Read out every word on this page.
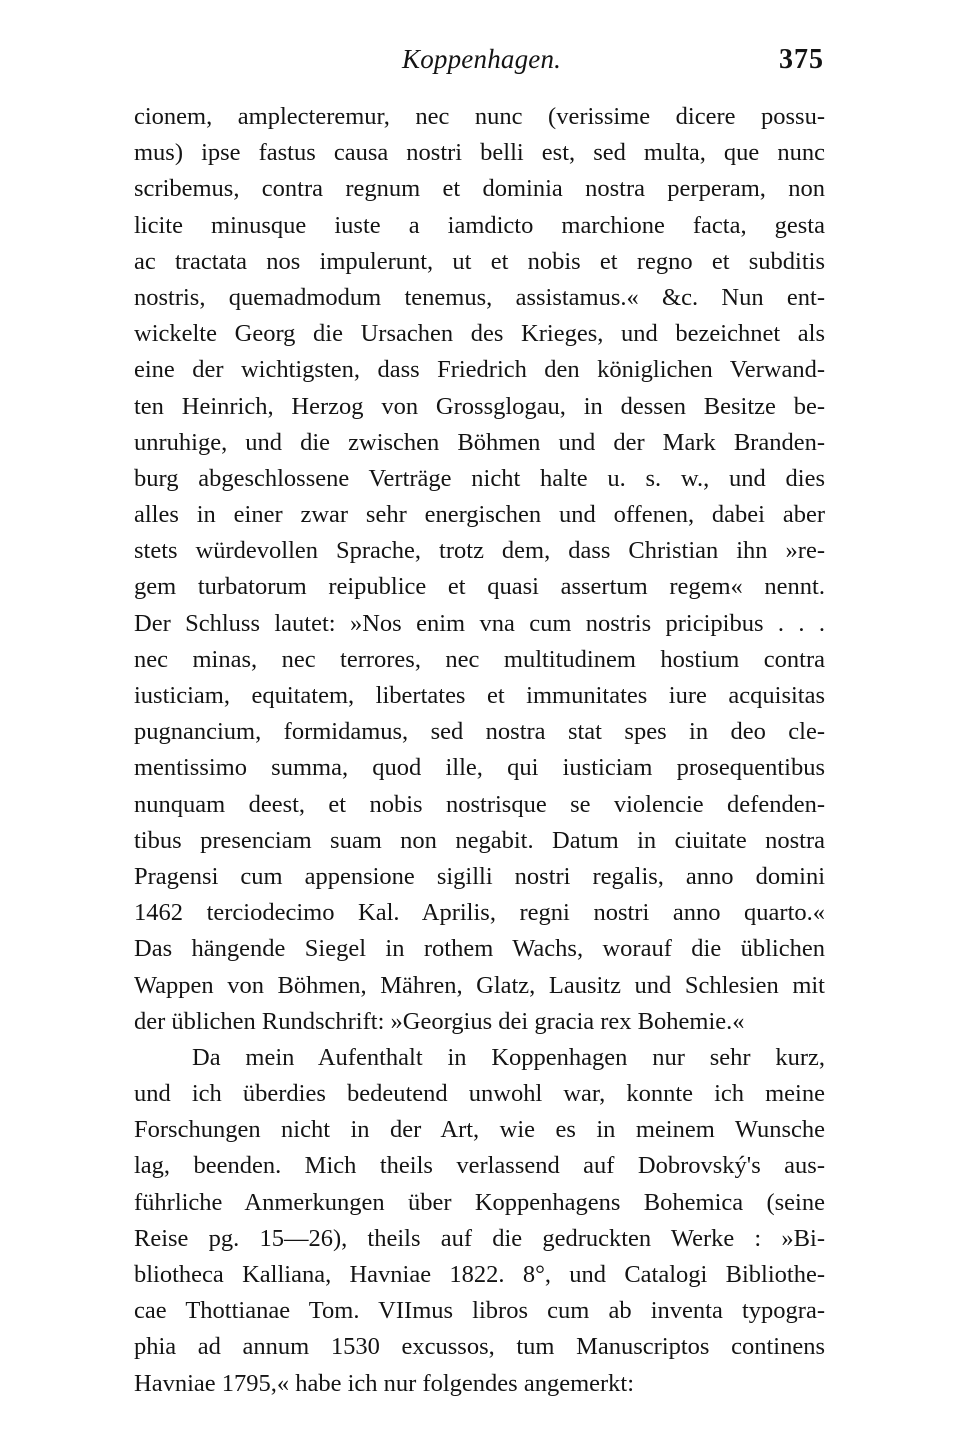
Koppenhagen.	375
cionem, amplecteremur, nec nunc (verissime dicere possu-
mus) ipse fastus causa nostri belli est, sed multa, que nunc
scribemus, contra regnum et dominia nostra perperam, non
licite minusque iuste a iamdicto marchione facta, gesta
ac tractata nos impulerunt, ut et nobis et regno et subditis
nostris, quemadmodum tenemus, assistamus.« &c. Nun ent-
wickelte Georg die Ursachen des Krieges, und bezeichnet als
eine der wichtigsten, dass Friedrich den königlichen Verwand-
ten Heinrich, Herzog von Grossglogau, in dessen Besitze be-
unruhige, und die zwischen Böhmen und der Mark Branden-
burg abgeschlossene Verträge nicht halte u. s. w., und dies
alles in einer zwar sehr energischen und offenen, dabei aber
stets würdevollen Sprache, trotz dem, dass Christian ihn »re-
gem turbatorum reipublice et quasi assertum regem« nennt.
Der Schluss lautet: »Nos enim vna cum nostris pricipibus . . .
nec minas, nec terrores, nec multitudinem hostium contra
iusticiam, equitatem, libertates et immunitates iure acquisitas
pugnancium, formidamus, sed nostra stat spes in deo cle-
mentissimo summa, quod ille, qui iusticiam prosequentibus
nunquam deest, et nobis nostrisque se violencie defenden-
tibus presenciam suam non negabit. Datum in ciuitate nostra
Pragensi cum appensione sigilli nostri regalis, anno domini
1462 terciodecimo Kal. Aprilis, regni nostri anno quarto.«
Das hängende Siegel in rothem Wachs, worauf die üblichen
Wappen von Böhmen, Mähren, Glatz, Lausitz und Schlesien mit
der üblichen Rundschrift: »Georgius dei gracia rex Bohemie.«
Da mein Aufenthalt in Koppenhagen nur sehr kurz,
und ich überdies bedeutend unwohl war, konnte ich meine
Forschungen nicht in der Art, wie es in meinem Wunsche
lag, beenden. Mich theils verlassend auf Dobrovský's aus-
führliche Anmerkungen über Koppenhagens Bohemica (seine
Reise pg. 15—26), theils auf die gedruckten Werke : »Bi-
bliotheca Kalliana, Havniae 1822. 8°, und Catalogi Bibliothe-
cae Thottianae Tom. VIImus libros cum ab inventa typogra-
phia ad annum 1530 excussos, tum Manuscriptos continens
Havniae 1795,« habe ich nur folgendes angemerkt:
